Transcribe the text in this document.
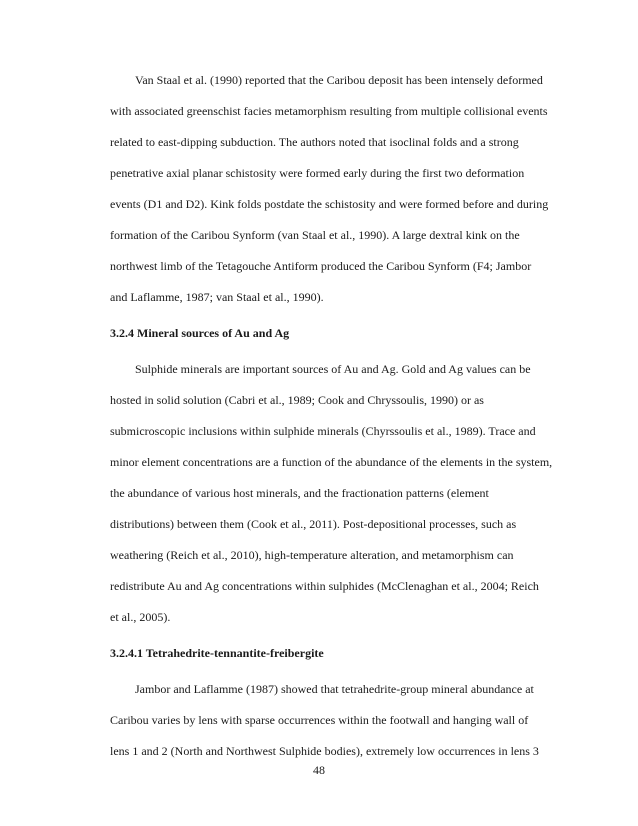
Van Staal et al. (1990) reported that the Caribou deposit has been intensely deformed
with associated greenschist facies metamorphism resulting from multiple collisional events
related to east-dipping subduction. The authors noted that isoclinal folds and a strong
penetrative axial planar schistosity were formed early during the first two deformation
events (D1 and D2). Kink folds postdate the schistosity and were formed before and during
formation of the Caribou Synform (van Staal et al., 1990). A large dextral kink on the
northwest limb of the Tetagouche Antiform produced the Caribou Synform (F4; Jambor
and Laflamme, 1987; van Staal et al., 1990).
3.2.4 Mineral sources of Au and Ag
Sulphide minerals are important sources of Au and Ag. Gold and Ag values can be
hosted in solid solution (Cabri et al., 1989; Cook and Chryssoulis, 1990) or as
submicroscopic inclusions within sulphide minerals (Chyrssoulis et al., 1989). Trace and
minor element concentrations are a function of the abundance of the elements in the system,
the abundance of various host minerals, and the fractionation patterns (element
distributions) between them (Cook et al., 2011). Post-depositional processes, such as
weathering (Reich et al., 2010), high-temperature alteration, and metamorphism can
redistribute Au and Ag concentrations within sulphides (McClenaghan et al., 2004; Reich
et al., 2005).
3.2.4.1 Tetrahedrite-tennantite-freibergite
Jambor and Laflamme (1987) showed that tetrahedrite-group mineral abundance at
Caribou varies by lens with sparse occurrences within the footwall and hanging wall of
lens 1 and 2 (North and Northwest Sulphide bodies), extremely low occurrences in lens 3
48
